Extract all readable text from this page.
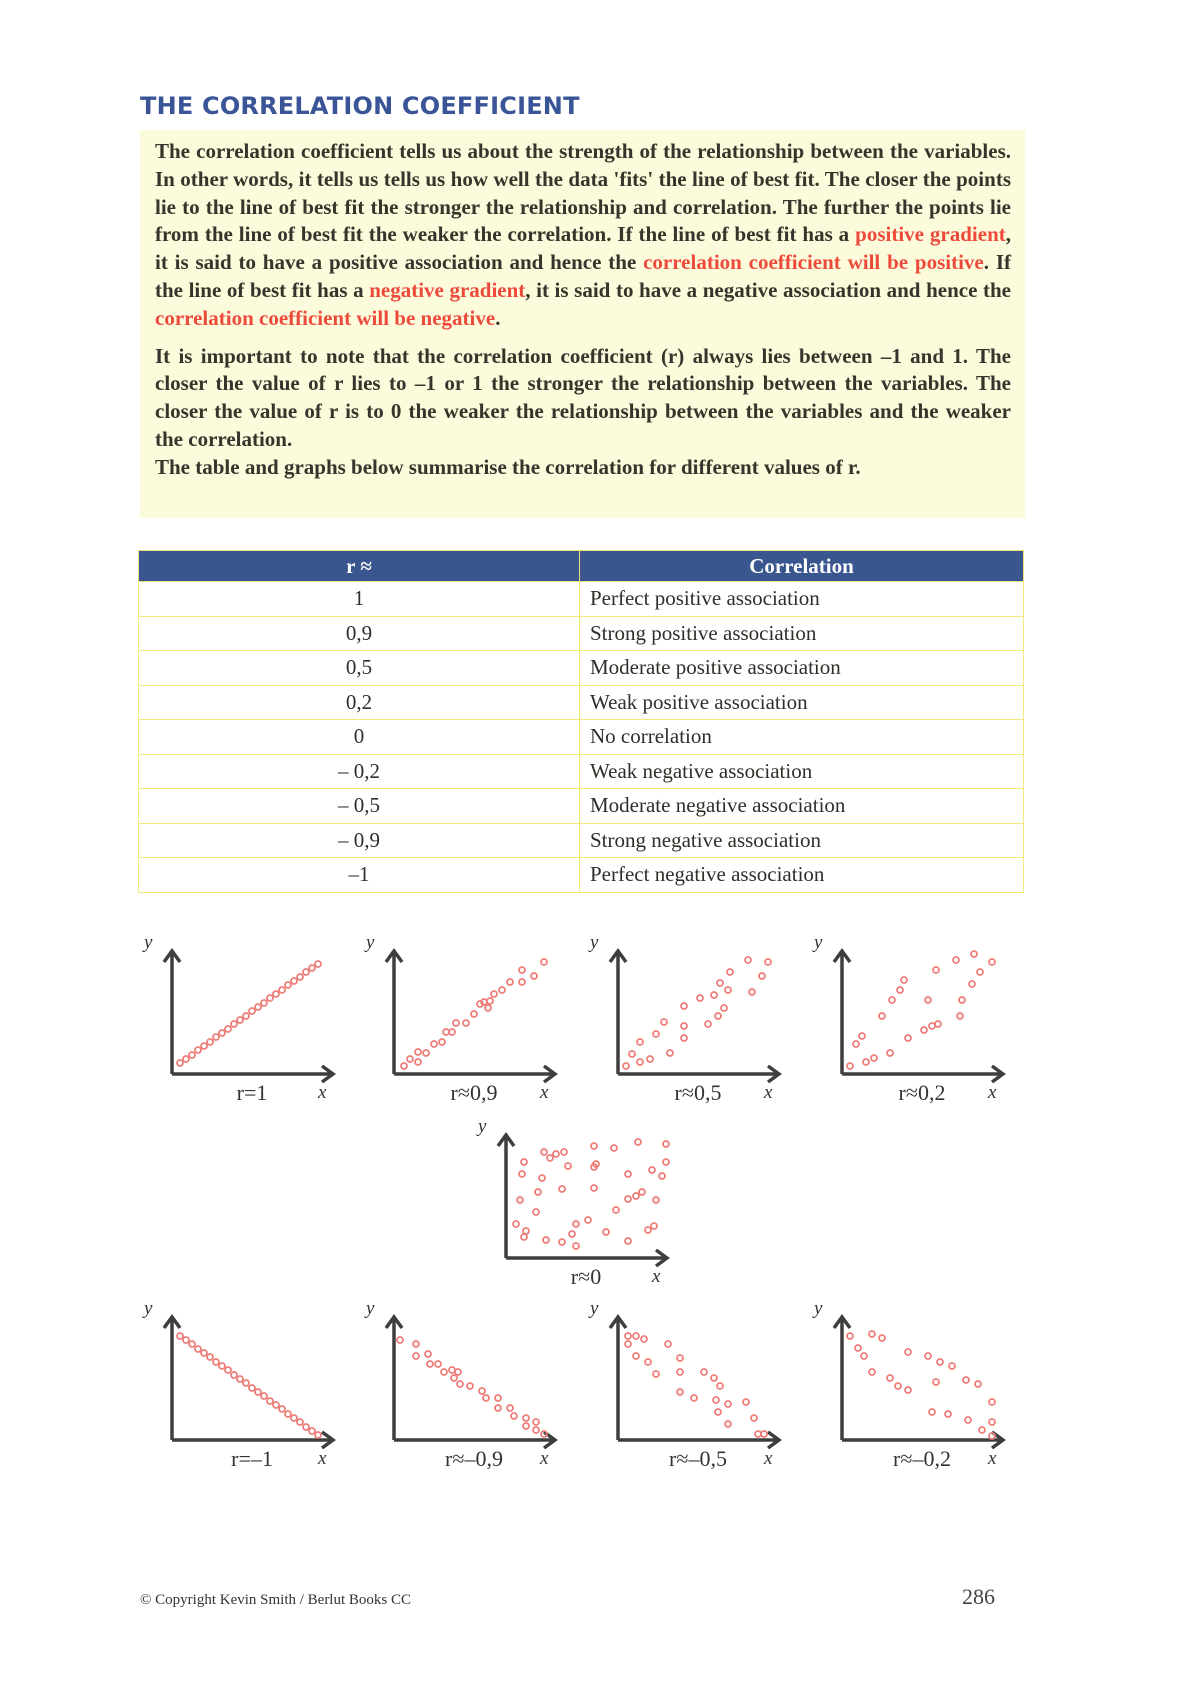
THE CORRELATION COEFFICIENT

The correlation coefficient tells us about the strength of the relationship between the variables. In other words, it tells us tells us how well the data 'fits' the line of best fit. The closer the points lie to the line of best fit the stronger the relationship and correlation. The further the points lie from the line of best fit the weaker the correlation. If the line of best fit has a positive gradient, it is said to have a positive association and hence the correlation coefficient will be positive. If the line of best fit has a negative gradient, it is said to have a negative association and hence the correlation coefficient will be negative.

It is important to note that the correlation coefficient (r) always lies between –1 and 1. The closer the value of r lies to –1 or 1 the stronger the relationship between the variables. The closer the value of r is to 0 the weaker the relationship between the variables and the weaker the correlation.

The table and graphs below summarise the correlation for different values of r.

r ≈	Correlation
1	Perfect positive association
0,9	Strong positive association
0,5	Moderate positive association
0,2	Weak positive association
0	No correlation
– 0,2	Weak negative association
– 0,5	Moderate negative association
– 0,9	Strong negative association
–1	Perfect negative association
y
x
r=1
y
x
r≈0,9
y
x
r≈0,5
y
x
r≈0,2
y
x
r≈0
y
x
r=–1
y
x
r≈–0,9
y
x
r≈–0,5
y
x
r≈–0,2
© Copyright Kevin Smith / Berlut Books CC	286
